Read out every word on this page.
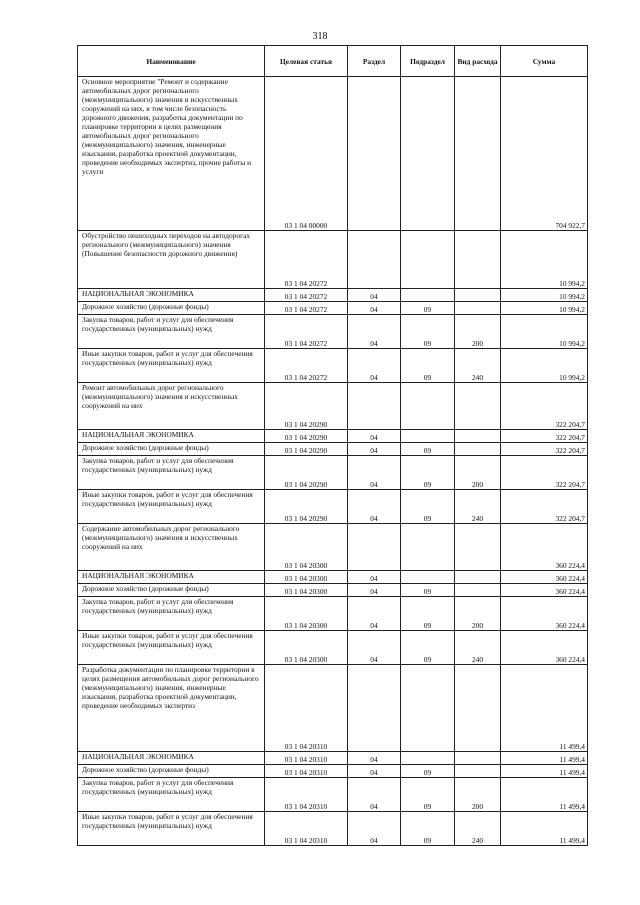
318
Наименование	Целевая статья	Раздел	Подраздел	Вид расхода	Сумма

Основное мероприятие "Ремонт и содержание автомобильных дорог регионального (межмуниципального) значения и искусственных сооружений на них, в том числе безопасность дорожного движения, разработка документации по планировке территории в целях размещения автомобильных дорог регионального (межмуниципального) значения, инженерные изыскания, разработка проектной документации, проведение необходимых экспертиз, прочие работы и услуги	03 1 04 00000				704 922,7

Обустройство пешеходных переходов на автодорогах регионального (межмуниципального) значения (Повышение безопасности дорожного движения)	03 1 04 20272				10 994,2

НАЦИОНАЛЬНАЯ ЭКОНОМИКА	03 1 04 20272	04			10 994,2

Дорожное хозяйство (дорожные фонды)	03 1 04 20272	04	09		10 994,2

Закупка товаров, работ и услуг для обеспечения государственных (муниципальных) нужд	03 1 04 20272	04	09	200	10 994,2

Иные закупки товаров, работ и услуг для обеспечения государственных (муниципальных) нужд	03 1 04 20272	04	09	240	10 994,2

Ремонт автомобильных дорог регионального (межмуниципального) значения и искусственных сооружений на них	03 1 04 20290				322 204,7

НАЦИОНАЛЬНАЯ ЭКОНОМИКА	03 1 04 20290	04			322 204,7

Дорожное хозяйство (дорожные фонды)	03 1 04 20290	04	09		322 204,7

Закупка товаров, работ и услуг для обеспечения государственных (муниципальных) нужд	03 1 04 20290	04	09	200	322 204,7

Иные закупки товаров, работ и услуг для обеспечения государственных (муниципальных) нужд	03 1 04 20290	04	09	240	322 204,7

Содержание автомобильных дорог регионального (межмуниципального) значения и искусственных сооружений на них	03 1 04 20300				360 224,4

НАЦИОНАЛЬНАЯ ЭКОНОМИКА	03 1 04 20300	04			360 224,4

Дорожное хозяйство (дорожные фонды)	03 1 04 20300	04	09		360 224,4

Закупка товаров, работ и услуг для обеспечения государственных (муниципальных) нужд	03 1 04 20300	04	09	200	360 224,4

Иные закупки товаров, работ и услуг для обеспечения государственных (муниципальных) нужд	03 1 04 20300	04	09	240	360 224,4

Разработка документации по планировке территории в целях размещения автомобильных дорог регионального (межмуниципального) значения, инженерные изыскания, разработка проектной документации, проведение необходимых экспертиз	03 1 04 20310				11 499,4

НАЦИОНАЛЬНАЯ ЭКОНОМИКА	03 1 04 20310	04			11 499,4

Дорожное хозяйство (дорожные фонды)	03 1 04 20310	04	09		11 499,4

Закупка товаров, работ и услуг для обеспечения государственных (муниципальных) нужд	03 1 04 20310	04	09	200	11 499,4

Иные закупки товаров, работ и услуг для обеспечения государственных (муниципальных) нужд	03 1 04 20310	04	09	240	11 499,4
